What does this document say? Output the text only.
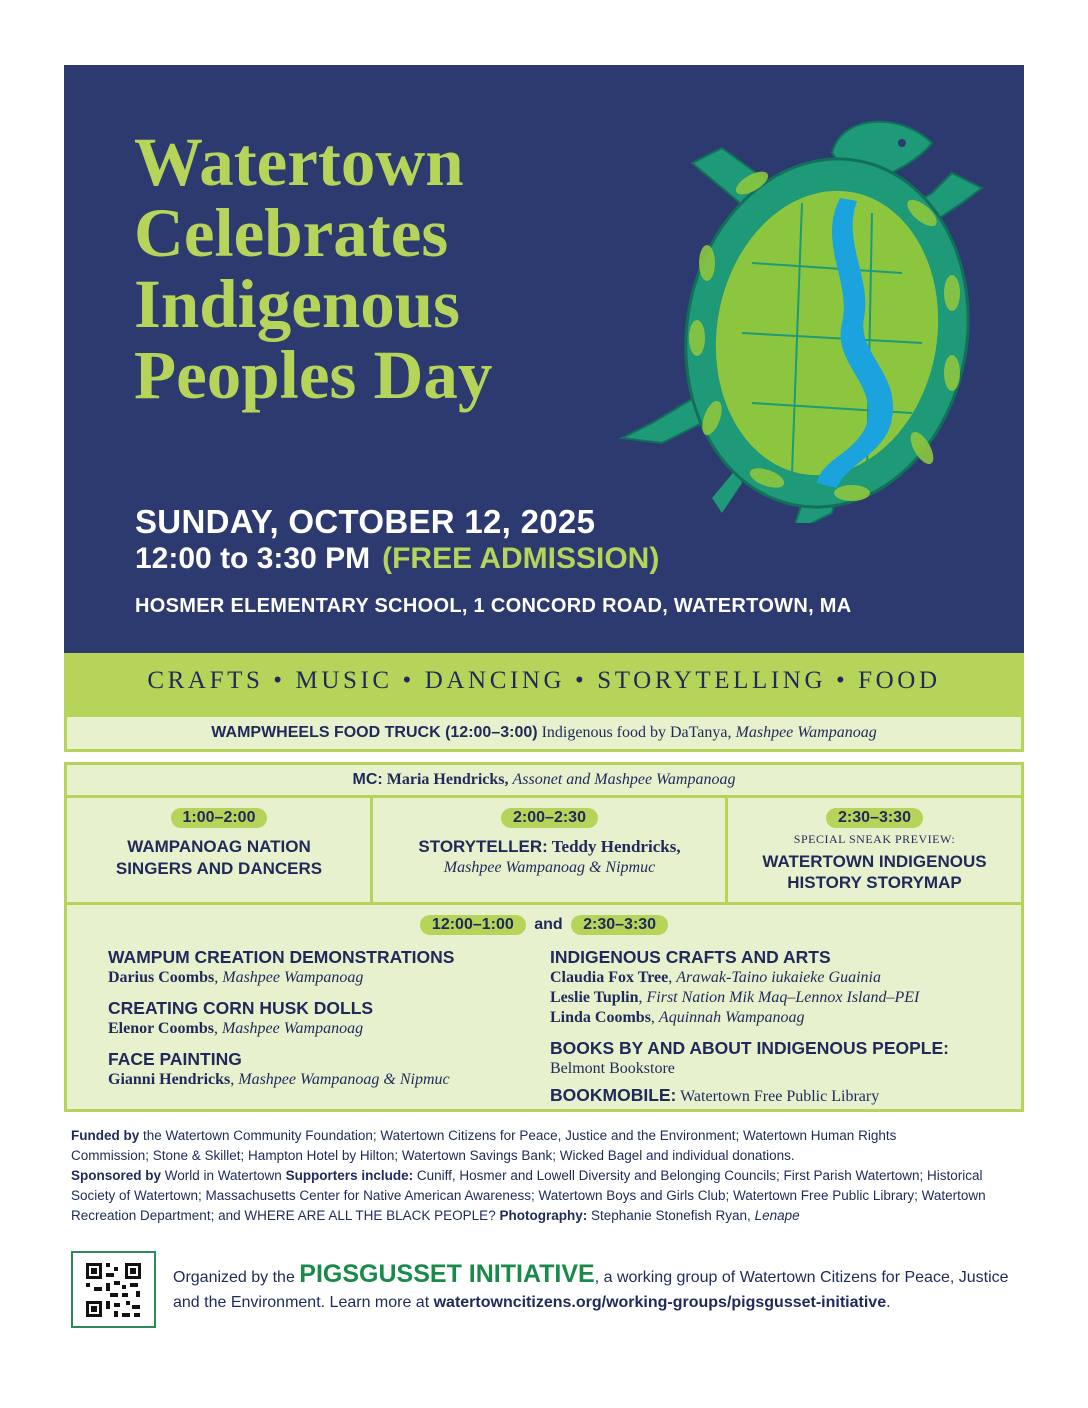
Watertown
Celebrates
Indigenous
Peoples Day
SUNDAY, OCTOBER 12, 2025
12:00 to 3:30 PM (FREE ADMISSION)
HOSMER ELEMENTARY SCHOOL, 1 CONCORD ROAD, WATERTOWN, MA
CRAFTS • MUSIC • DANCING • STORYTELLING • FOOD
WAMPWHEELS FOOD TRUCK (12:00–3:00) Indigenous food by DaTanya, Mashpee Wampanoag
MC: Maria Hendricks, Assonet and Mashpee Wampanoag
1:00–2:00
WAMPANOAG NATION
SINGERS AND DANCERS
2:00–2:30
STORYTELLER: Teddy Hendricks,
Mashpee Wampanoag & Nipmuc
2:30–3:30
SPECIAL SNEAK PREVIEW:
WATERTOWN INDIGENOUS
HISTORY STORYMAP
12:00–1:00 and 2:30–3:30
WAMPUM CREATION DEMONSTRATIONS
Darius Coombs, Mashpee Wampanoag
CREATING CORN HUSK DOLLS
Elenor Coombs, Mashpee Wampanoag
FACE PAINTING
Gianni Hendricks, Mashpee Wampanoag & Nipmuc
INDIGENOUS CRAFTS AND ARTS
Claudia Fox Tree, Arawak-Taino iukaieke Guainia
Leslie Tuplin, First Nation Mik Maq–Lennox Island–PEI
Linda Coombs, Aquinnah Wampanoag
BOOKS BY AND ABOUT INDIGENOUS PEOPLE:
Belmont Bookstore
BOOKMOBILE: Watertown Free Public Library

Funded by the Watertown Community Foundation; Watertown Citizens for Peace, Justice and the Environment; Watertown Human Rights Commission; Stone & Skillet; Hampton Hotel by Hilton; Watertown Savings Bank; Wicked Bagel and individual donations.

Sponsored by World in Watertown Supporters include: Cuniff, Hosmer and Lowell Diversity and Belonging Councils; First Parish Watertown; Historical Society of Watertown; Massachusetts Center for Native American Awareness; Watertown Boys and Girls Club; Watertown Free Public Library; Watertown Recreation Department; and WHERE ARE ALL THE BLACK PEOPLE? Photography: Stephanie Stonefish Ryan, Lenape

Organized by the PIGSGUSSET INITIATIVE, a working group of Watertown Citizens for Peace, Justice and the Environment. Learn more at watertowncitizens.org/working-groups/pigsgusset-initiative.
